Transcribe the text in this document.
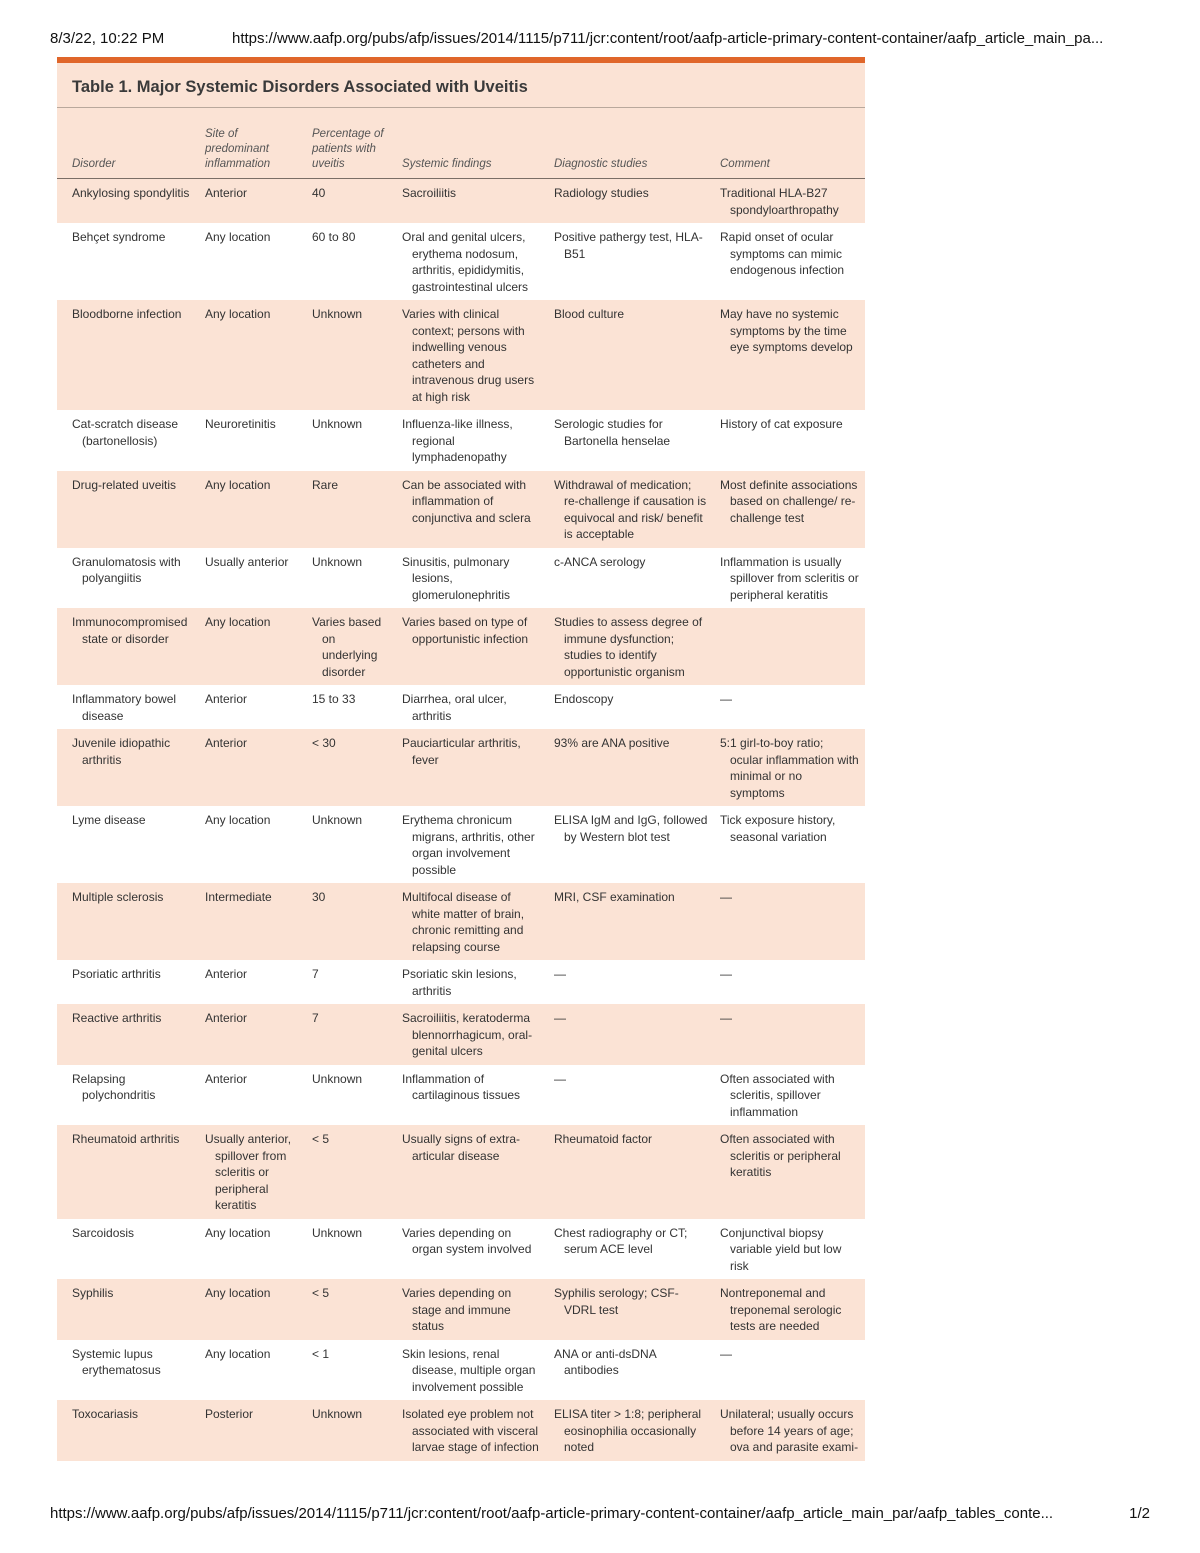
8/3/22, 10:22 PM	https://www.aafp.org/pubs/afp/issues/2014/1115/p711/jcr:content/root/aafp-article-primary-content-container/aafp_article_main_pa...
Table 1. Major Systemic Disorders Associated with Uveitis
Disorder	Site of predominant inflammation	Percentage of patients with uveitis	Systemic findings	Diagnostic studies	Comment

Ankylosing spondylitis	Anterior	40	Sacroiliitis	Radiology studies	Traditional HLA-B27 spondyloarthropathy

Behçet syndrome	Any location	60 to 80	Oral and genital ulcers, erythema nodosum, arthritis, epididymitis, gastrointestinal ulcers	Positive pathergy test, HLA-B51	Rapid onset of ocular symptoms can mimic endogenous infection

Bloodborne infection	Any location	Unknown	Varies with clinical context; persons with indwelling venous catheters and intravenous drug users at high risk	Blood culture	May have no systemic symptoms by the time eye symptoms develop

Cat-scratch disease (bartonellosis)	Neuroretinitis	Unknown	Influenza-like illness, regional lymphadenopathy	Serologic studies for Bartonella henselae	History of cat exposure

Drug-related uveitis	Any location	Rare	Can be associated with inflammation of conjunctiva and sclera	Withdrawal of medication; re-challenge if causation is equivocal and risk/ benefit is acceptable	Most definite associations based on challenge/ re-challenge test

Granulomatosis with polyangiitis	Usually anterior	Unknown	Sinusitis, pulmonary lesions, glomerulonephritis	c-ANCA serology	Inflammation is usually spillover from scleritis or peripheral keratitis

Immunocompromised state or disorder	Any location	Varies based on underlying disorder	Varies based on type of opportunistic infection	Studies to assess degree of immune dysfunction; studies to identify opportunistic organism	

Inflammatory bowel disease	Anterior	15 to 33	Diarrhea, oral ulcer, arthritis	Endoscopy	—

Juvenile idiopathic arthritis	Anterior	< 30	Pauciarticular arthritis, fever	93% are ANA positive	5:1 girl-to-boy ratio; ocular inflammation with minimal or no symptoms

Lyme disease	Any location	Unknown	Erythema chronicum migrans, arthritis, other organ involvement possible	ELISA IgM and IgG, followed by Western blot test	Tick exposure history, seasonal variation

Multiple sclerosis	Intermediate	30	Multifocal disease of white matter of brain, chronic remitting and relapsing course	MRI, CSF examination	—

Psoriatic arthritis	Anterior	7	Psoriatic skin lesions, arthritis	—	—

Reactive arthritis	Anterior	7	Sacroiliitis, keratoderma blennorrhagicum, oral-genital ulcers	—	—

Relapsing polychondritis	Anterior	Unknown	Inflammation of cartilaginous tissues	—	Often associated with scleritis, spillover inflammation

Rheumatoid arthritis	Usually anterior, spillover from scleritis or peripheral keratitis	< 5	Usually signs of extra-articular disease	Rheumatoid factor	Often associated with scleritis or peripheral keratitis

Sarcoidosis	Any location	Unknown	Varies depending on organ system involved	Chest radiography or CT; serum ACE level	Conjunctival biopsy variable yield but low risk

Syphilis	Any location	< 5	Varies depending on stage and immune status	Syphilis serology; CSF-VDRL test	Nontreponemal and treponemal serologic tests are needed

Systemic lupus erythematosus	Any location	< 1	Skin lesions, renal disease, multiple organ involvement possible	ANA or anti-dsDNA antibodies	—

Toxocariasis	Posterior	Unknown	Isolated eye problem not associated with visceral larvae stage of infection	ELISA titer > 1:8; peripheral eosinophilia occasionally noted	Unilateral; usually occurs before 14 years of age; ova and parasite exami-
https://www.aafp.org/pubs/afp/issues/2014/1115/p711/jcr:content/root/aafp-article-primary-content-container/aafp_article_main_par/aafp_tables_conte...	1/2
